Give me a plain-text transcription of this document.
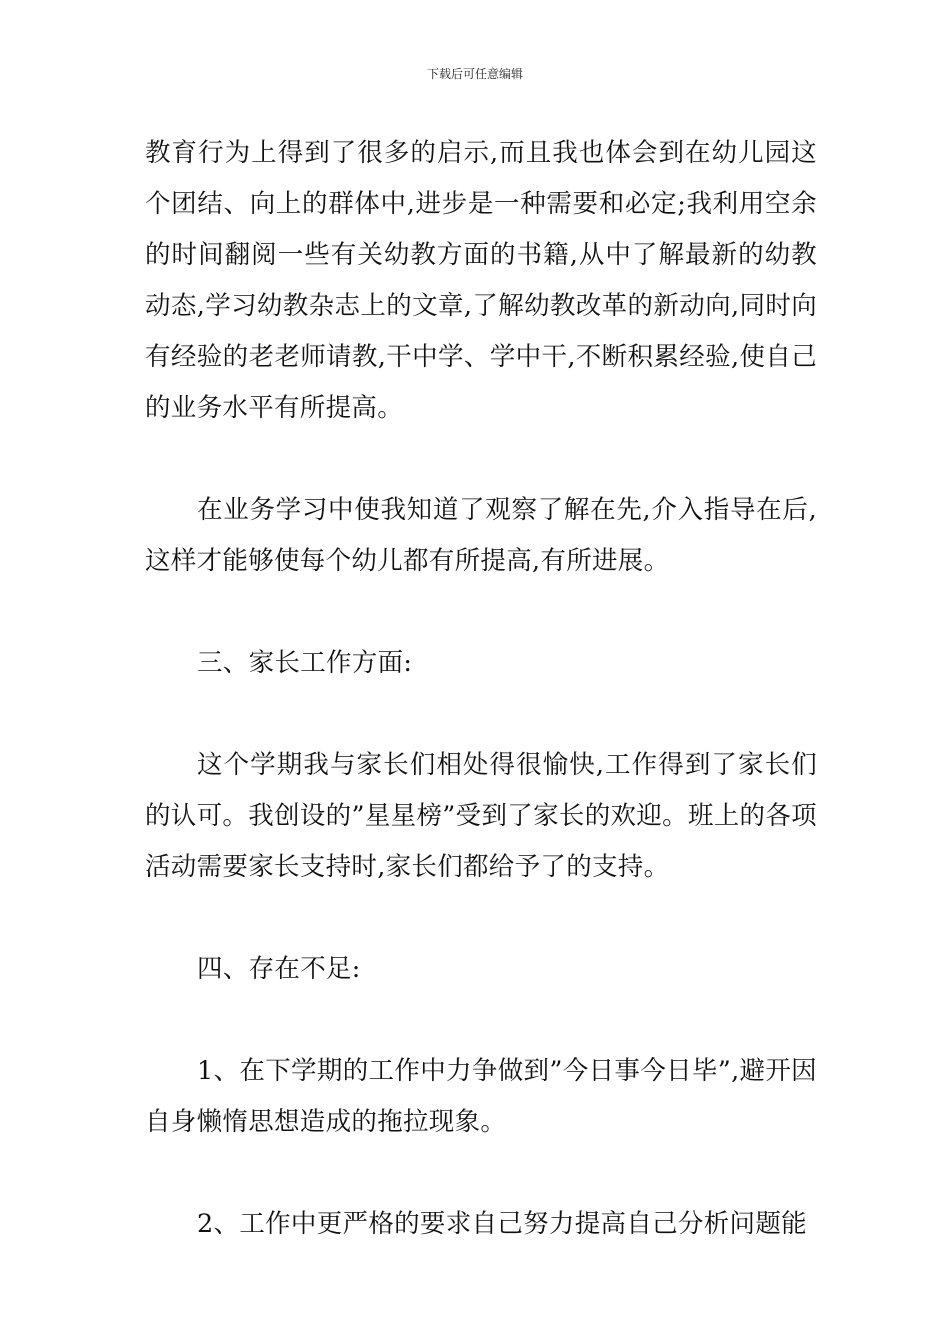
下载后可任意编辑

教育行为上得到了很多的启示,而且我也体会到在幼儿园这个团结、向上的群体中,进步是一种需要和必定;我利用空余的时间翻阅一些有关幼教方面的书籍,从中了解最新的幼教动态,学习幼教杂志上的文章,了解幼教改革的新动向,同时向有经验的老老师请教,干中学、学中干,不断积累经验,使自己的业务水平有所提高。

在业务学习中使我知道了观察了解在先,介入指导在后,这样才能够使每个幼儿都有所提高,有所进展。

三、家长工作方面:

这个学期我与家长们相处得很愉快,工作得到了家长们的认可。我创设的”星星榜”受到了家长的欢迎。班上的各项活动需要家长支持时,家长们都给予了的支持。

四、存在不足:

1、在下学期的工作中力争做到”今日事今日毕”,避开因自身懒惰思想造成的拖拉现象。

2、工作中更严格的要求自己努力提高自己分析问题能
